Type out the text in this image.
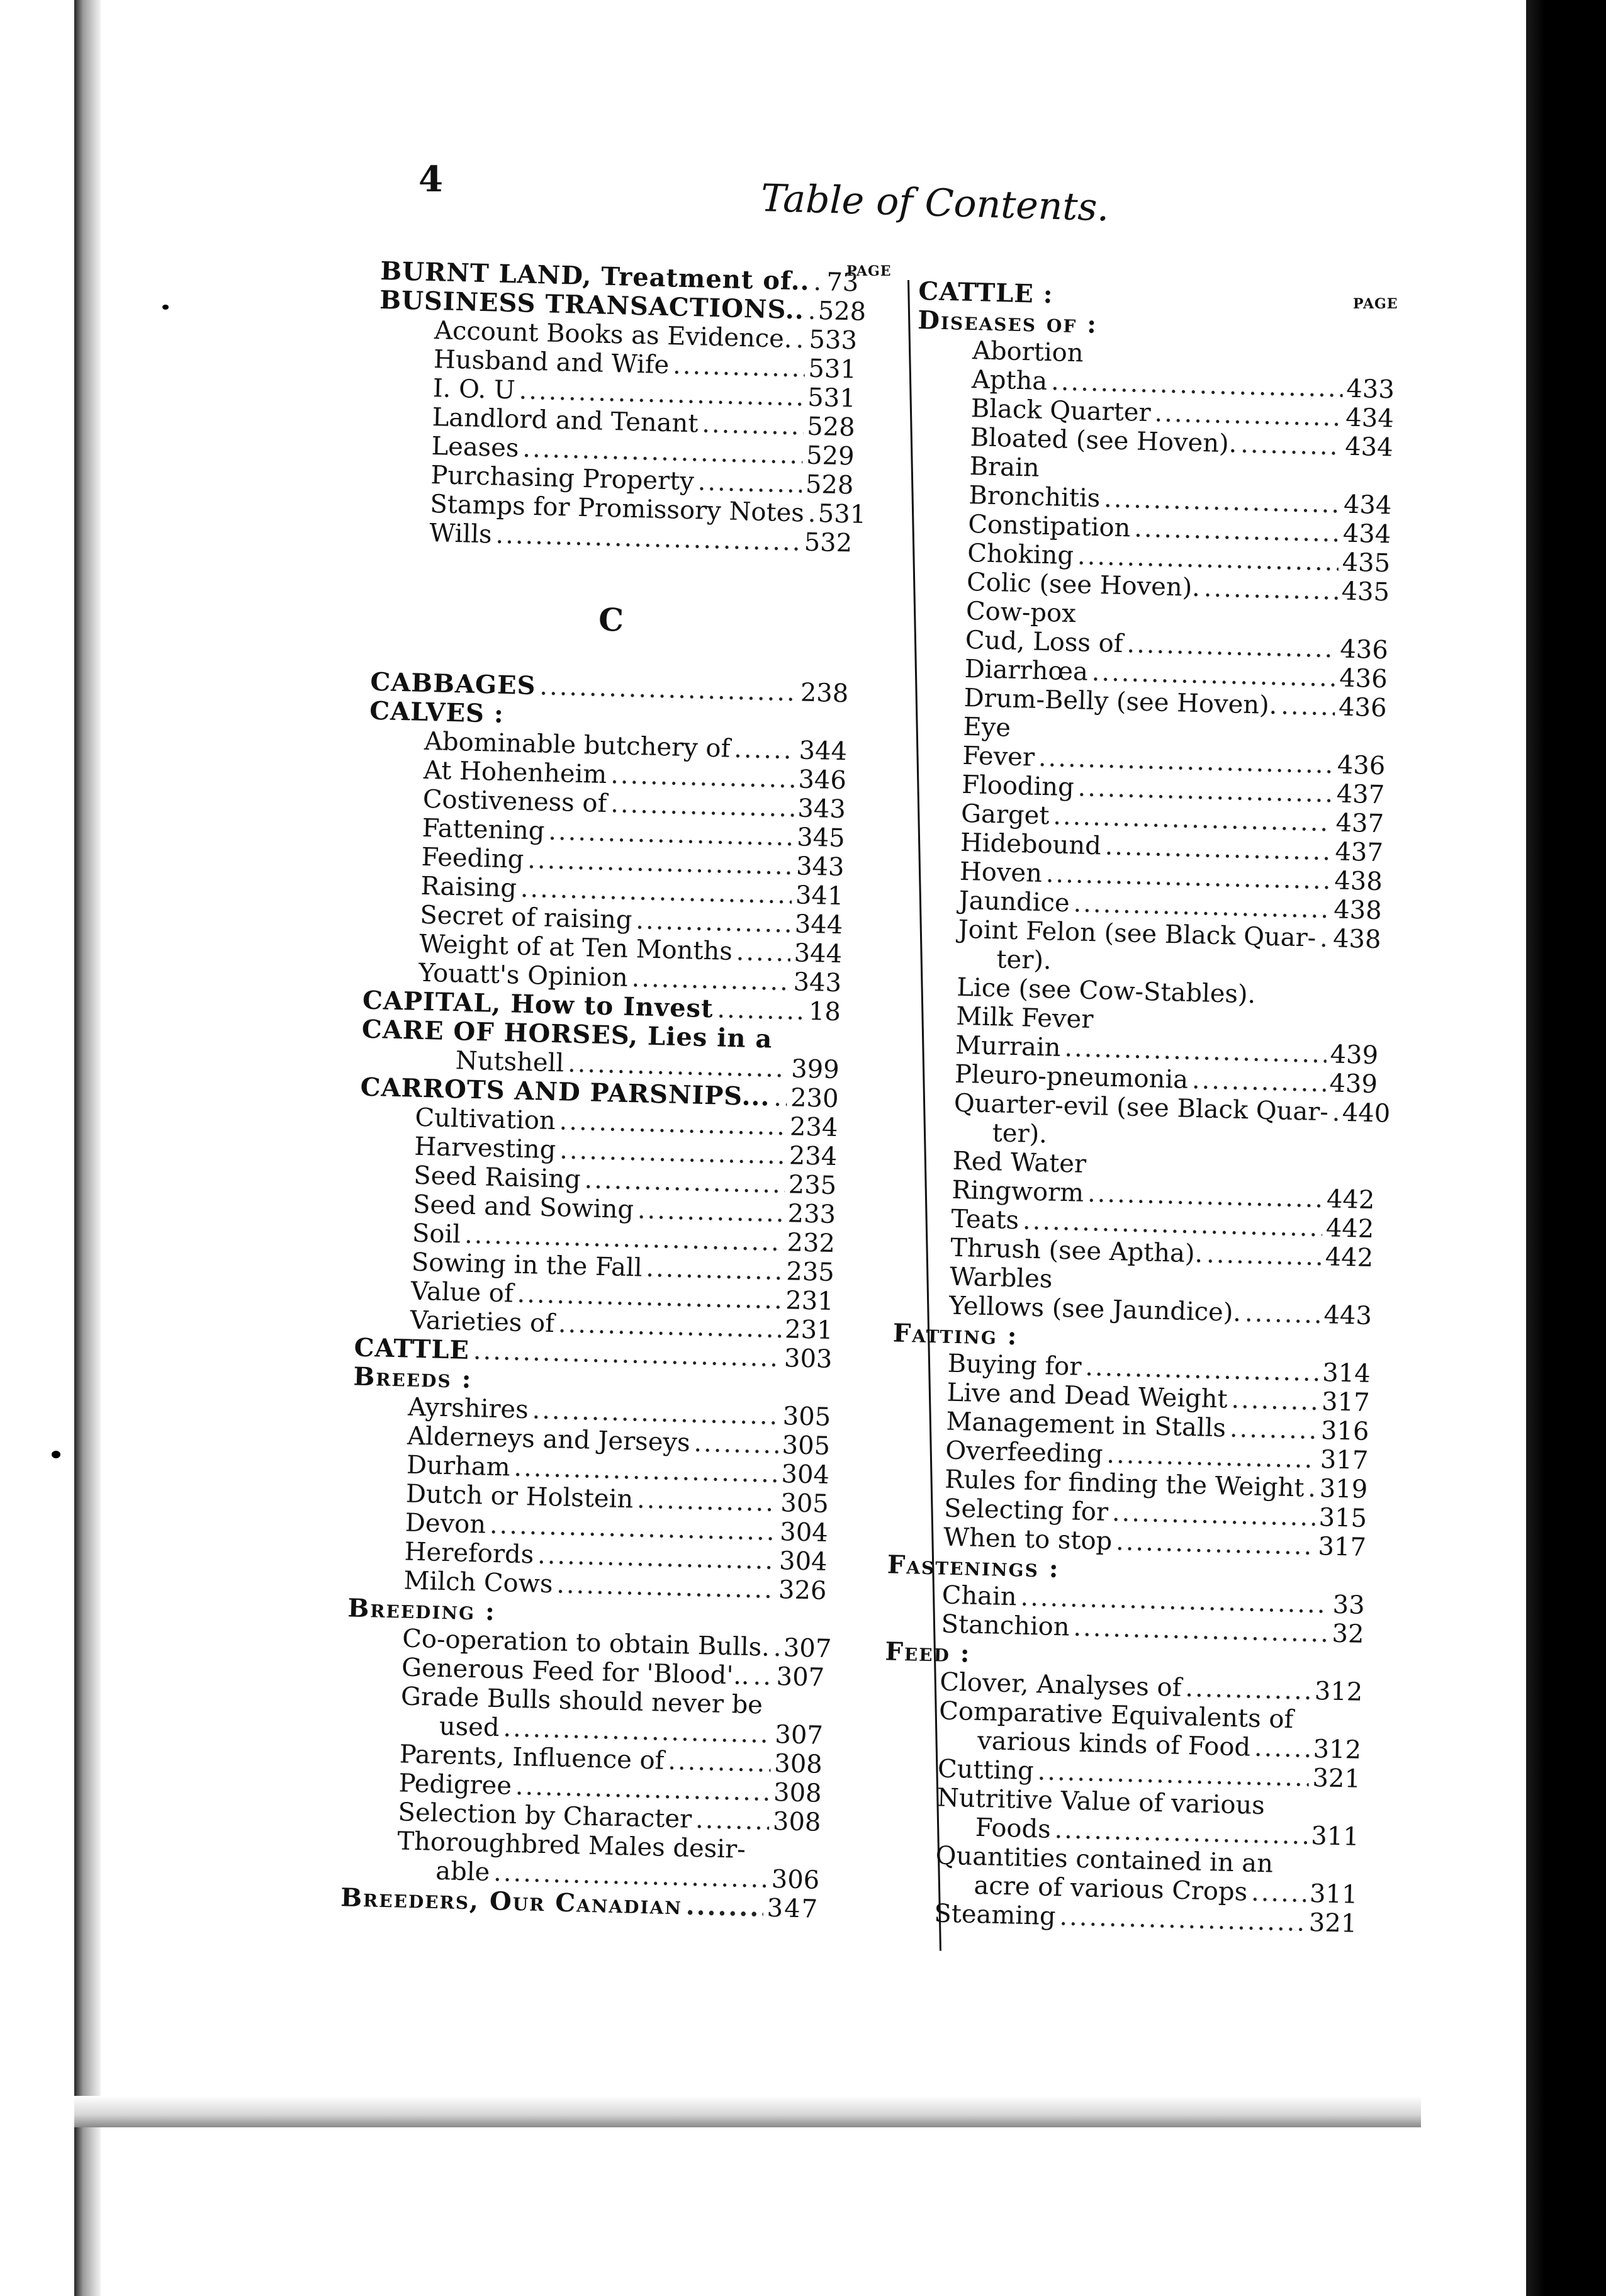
4	Table of Contents.
PAGE
PAGE
BURNT LAND, Treatment of.. ..... 73
BUSINESS TRANSACTIONS.. ..... 528
Account Books as Evidence. ..... 533
Husband and Wife .....	531
I. O. U .....	531
Landlord and Tenant .....	528
Leases .....	529
Purchasing Property .....	528
Stamps for Promissory Notes ..... 531
Wills .....	532
C
CABBAGES .....	238
CALVES :
Abominable butchery of .....	344
At Hohenheim .....	346
Costiveness of .....	343
Fattening .....	345
Feeding .....	343
Raising .....	341
Secret of raising .....	344
Weight of at Ten Months ..... 344
Youatt's Opinion .....	343
CAPITAL, How to Invest .....	18
CARE OF HORSES, Lies in a
Nutshell .....	399
CARROTS AND PARSNIPS... ..... 230
Cultivation .....	234
Harvesting .....	234
Seed Raising .....	235
Seed and Sowing .....	233
Soil .....	232
Sowing in the Fall .....	235
Value of .....	231
Varieties of .....	231
CATTLE .....	303
Breeds :
Ayrshires .....	305
Alderneys and Jerseys .....	305
Durham .....	304
Dutch or Holstein .....	305
Devon .....	304
Herefords .....	304
Milch Cows .....	326
Breeding :
Co-operation to obtain Bulls. ..... 307
Generous Feed for 'Blood'.. ..... 307
Grade Bulls should never be
used .....	307
Parents, Influence of .....	308
Pedigree .....	308
Selection by Character .....	308
Thoroughbred Males desir-
able .....	306
Breeders, Our Canadian .....	347
CATTLE :
Diseases of :
Abortion
Aptha .....	433
Black Quarter .....	434
Bloated (see Hoven). .....	434
Brain
Bronchitis .....	434
Constipation .....	434
Choking .....	435
Colic (see Hoven). .....	435
Cow-pox
Cud, Loss of .....	436
Diarrhœa .....	436
Drum-Belly (see Hoven). ..... 436
Eye
Fever .....	436
Flooding .....	437
Garget .....	437
Hidebound .....	437
Hoven .....	438
Jaundice .....	438
Joint Felon (see Black Quar- ..... 438
ter).
Lice (see Cow-Stables).
Milk Fever
Murrain .....	439
Pleuro-pneumonia .....	439
Quarter-evil (see Black Quar- ..... 440
ter).
Red Water
Ringworm .....	442
Teats .....	442
Thrush (see Aptha). .....	442
Warbles
Yellows (see Jaundice). .....	443
Fatting :
Buying for .....	314
Live and Dead Weight .....	317
Management in Stalls .....	316
Overfeeding .....	317
Rules for finding the Weight ..... 319
Selecting for .....	315
When to stop .....	317
Fastenings :
Chain .....	33
Stanchion .....	32
Feed :
Clover, Analyses of .....	312
Comparative Equivalents of
various kinds of Food ..... 312
Cutting .....	321
Nutritive Value of various
Foods .....	311
Quantities contained in an
acre of various Crops ..... 311
Steaming .....	321
